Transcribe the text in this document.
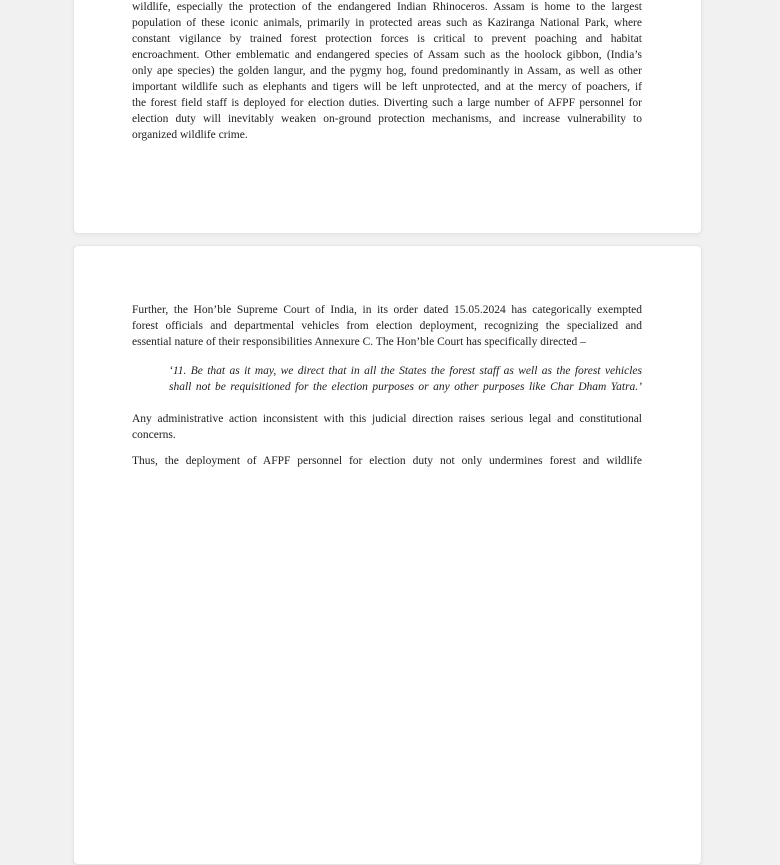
wildlife, especially the protection of the endangered Indian Rhinoceros. Assam is home to the largest
population of these iconic animals, primarily in protected areas such as Kaziranga National Park, where
constant vigilance by trained forest protection forces is critical to prevent poaching and habitat
encroachment. Other emblematic and endangered species of Assam such as the hoolock gibbon, (India’s
only ape species) the golden langur, and the pygmy hog, found predominantly in Assam, as well as other
important wildlife such as elephants and tigers will be left unprotected, and at the mercy of poachers, if
the forest field staff is deployed for election duties. Diverting such a large number of AFPF personnel for
election duty will inevitably weaken on-ground protection mechanisms, and increase vulnerability to
organized wildlife crime.
Further, the Hon’ble Supreme Court of India, in its order dated 15.05.2024 has categorically exempted
forest officials and departmental vehicles from election deployment, recognizing the specialized and
essential nature of their responsibilities Annexure C. The Hon’ble Court has specifically directed –
‘11. Be that as it may, we direct that in all the States the forest staff as well as the forest vehicles
shall not be requisitioned for the election purposes or any other purposes like Char Dham Yatra.’
Any administrative action inconsistent with this judicial direction raises serious legal and constitutional
concerns.
Thus, the deployment of AFPF personnel for election duty not only undermines forest and wildlife
